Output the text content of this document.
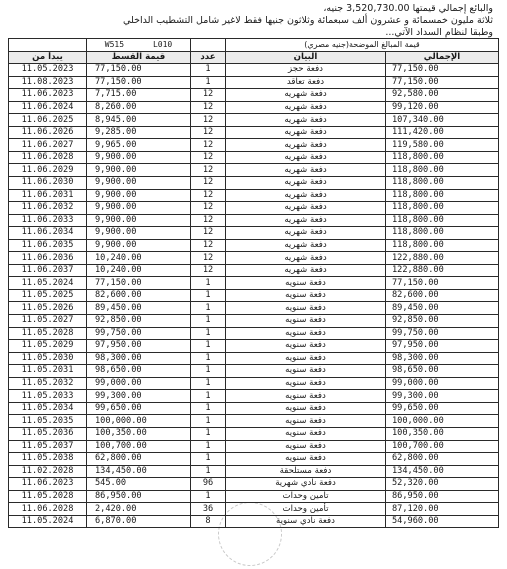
والبائع إجمالي قيمتها 3,520,730.00 جنيه،
ثلاثة مليون خمسمائة و عشرون ألف سبعمائة وثلاثون جنيها فقط لاغير شامل التشطيب الداخلي
وطبقا لنظام السداد الآتي...
	W515 L010		قيمة المبالغ الموضحة(جنيه مصري)	
يبدأ من	قيمة القسط	عدد	البيان	الإجمالي
11.05.2023	77,150.00	1	دفعة حجز	77,150.00
11.08.2023	77,150.00	1	دفعة تعاقد	77,150.00
11.06.2023	7,715.00	12	دفعة شهريه	92,580.00
11.06.2024	8,260.00	12	دفعة شهريه	99,120.00
11.06.2025	8,945.00	12	دفعة شهريه	107,340.00
11.06.2026	9,285.00	12	دفعة شهريه	111,420.00
11.06.2027	9,965.00	12	دفعة شهريه	119,580.00
11.06.2028	9,900.00	12	دفعة شهريه	118,800.00
11.06.2029	9,900.00	12	دفعة شهريه	118,800.00
11.06.2030	9,900.00	12	دفعة شهريه	118,800.00
11.06.2031	9,900.00	12	دفعة شهريه	118,800.00
11.06.2032	9,900.00	12	دفعة شهريه	118,800.00
11.06.2033	9,900.00	12	دفعة شهريه	118,800.00
11.06.2034	9,900.00	12	دفعة شهريه	118,800.00
11.06.2035	9,900.00	12	دفعة شهريه	118,800.00
11.06.2036	10,240.00	12	دفعة شهريه	122,880.00
11.06.2037	10,240.00	12	دفعة شهريه	122,880.00
11.05.2024	77,150.00	1	دفعة سنويه	77,150.00
11.05.2025	82,600.00	1	دفعة سنويه	82,600.00
11.05.2026	89,450.00	1	دفعة سنويه	89,450.00
11.05.2027	92,850.00	1	دفعة سنويه	92,850.00
11.05.2028	99,750.00	1	دفعة سنويه	99,750.00
11.05.2029	97,950.00	1	دفعة سنويه	97,950.00
11.05.2030	98,300.00	1	دفعة سنويه	98,300.00
11.05.2031	98,650.00	1	دفعة سنويه	98,650.00
11.05.2032	99,000.00	1	دفعة سنويه	99,000.00
11.05.2033	99,300.00	1	دفعة سنويه	99,300.00
11.05.2034	99,650.00	1	دفعة سنويه	99,650.00
11.05.2035	100,000.00	1	دفعة سنويه	100,000.00
11.05.2036	100,350.00	1	دفعة سنويه	100,350.00
11.05.2037	100,700.00	1	دفعة سنويه	100,700.00
11.05.2038	62,800.00	1	دفعة سنويه	62,800.00
11.02.2028	134,450.00	1	دفعة مستلحقة	134,450.00
11.06.2023	545.00	96	دفعة نادي شهرية	52,320.00
11.05.2028	86,950.00	1	تأمين وحدات	86,950.00
11.06.2028	2,420.00	36	تأمين وحدات	87,120.00
11.05.2024	6,870.00	8	دفعة نادي سنوية	54,960.00
